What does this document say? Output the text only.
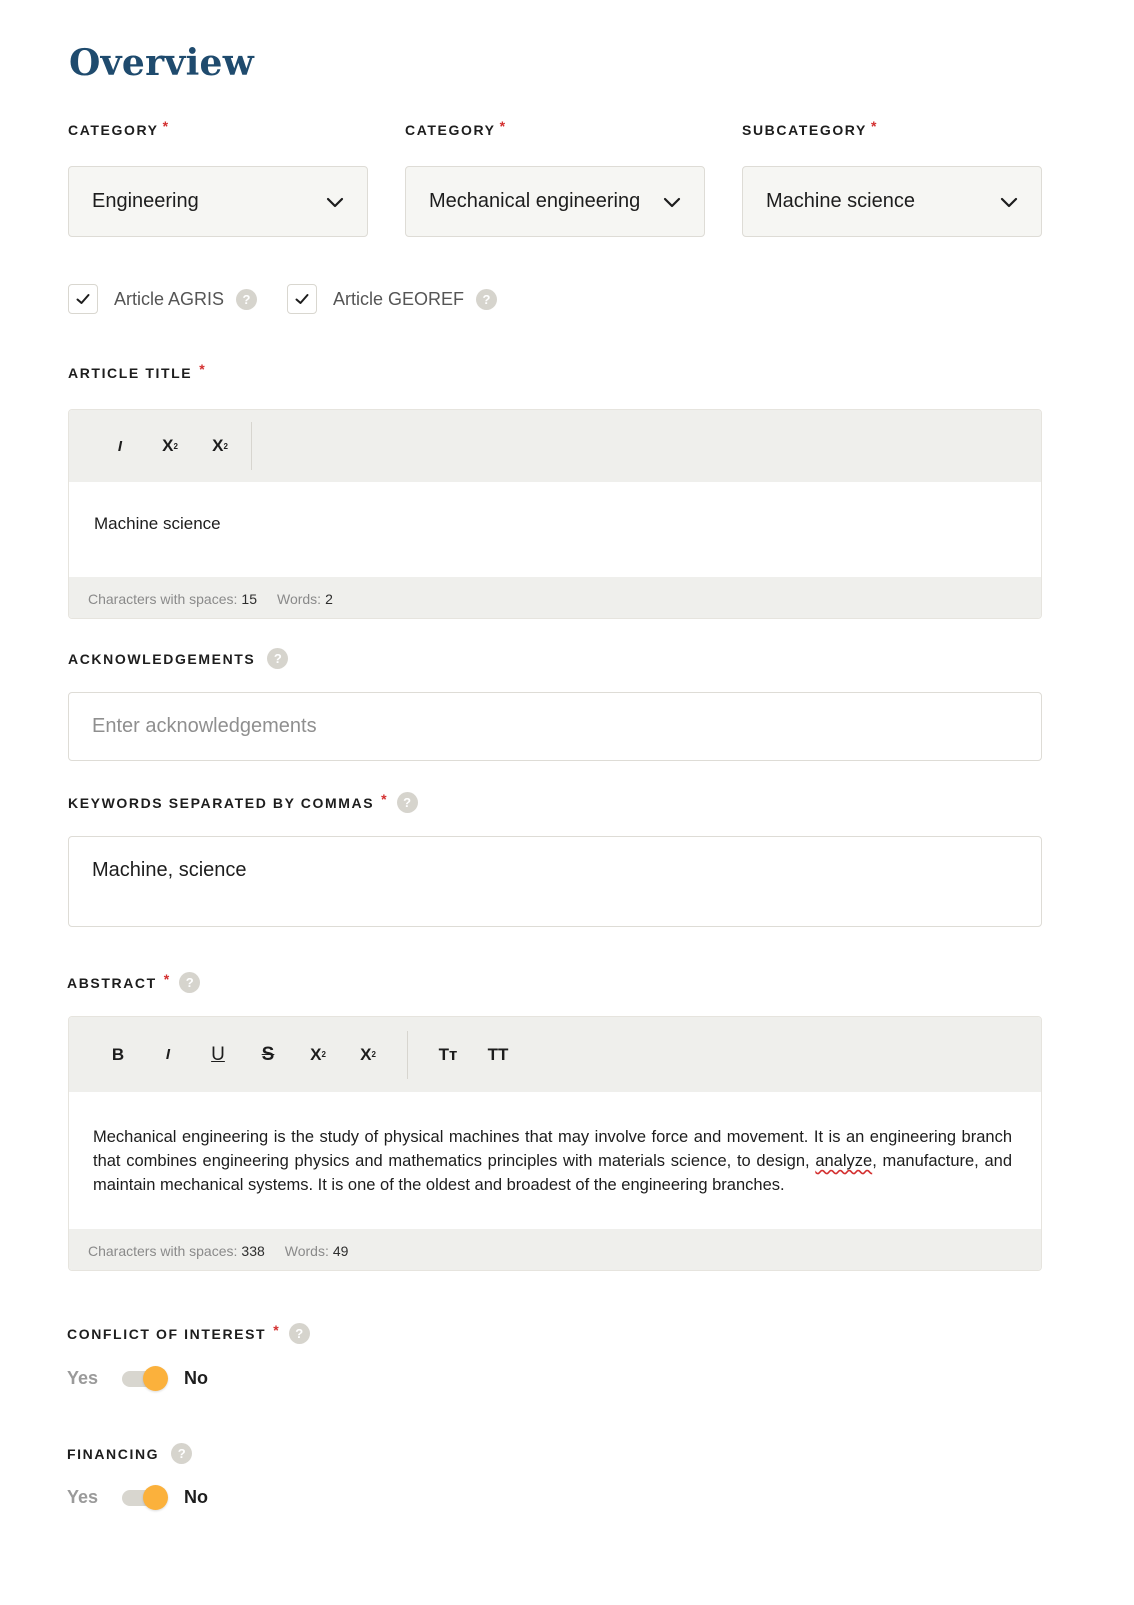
Overview
CATEGORY *	CATEGORY *	SUBCATEGORY *
Engineering	Mechanical engineering	Machine science
Article AGRIS	?	Article GEOREF	?
ARTICLE TITLE *
I X 2 X 2
Machine science
Characters with spaces: 15 Words: 2
ACKNOWLEDGEMENTS	?
Enter acknowledgements
KEYWORDS SEPARATED BY COMMAS *	?
Machine, science
ABSTRACT *	?
B	I U S X 2 X 2	Tт TT
Mechanical engineering is the study of physical machines that may involve force and movement. It is an engineering branch that combines engineering physics and mathematics principles with materials science, to design, analyze, manufacture, and maintain mechanical systems. It is one of the oldest and broadest of the engineering branches.
Characters with spaces: 338 Words: 49
CONFLICT OF INTEREST *	?
Yes	No
FINANCING	?
Yes	No
